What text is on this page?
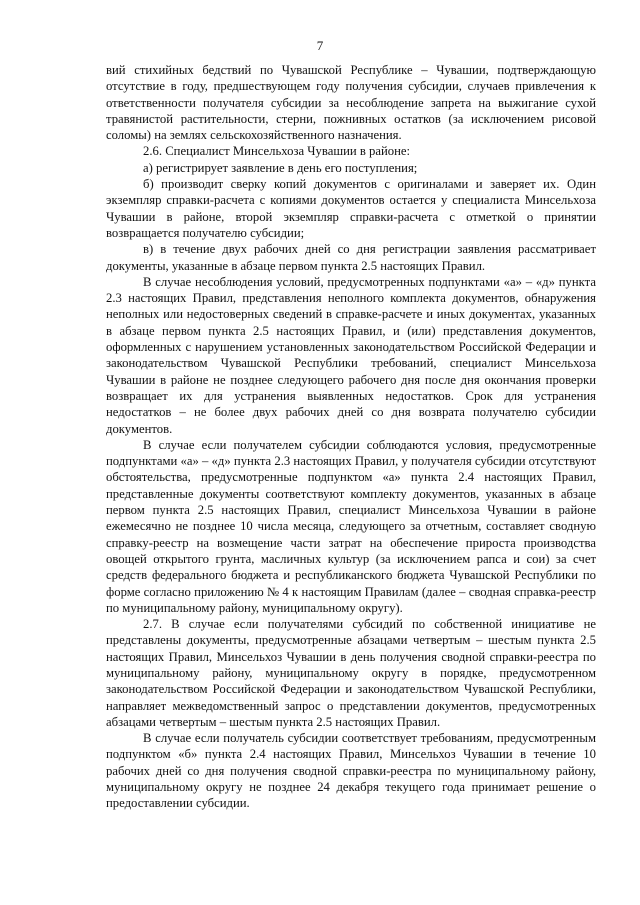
7

вий стихийных бедствий по Чувашской Республике – Чувашии, подтверждающую отсутствие в году, предшествующем году получения субсидии, случаев привлечения к ответственности получателя субсидии за несоблюдение запрета на выжигание сухой травянистой растительности, стерни, пожнивных остатков (за исключением рисовой соломы) на землях сельскохозяйственного назначения.

2.6. Специалист Минсельхоза Чувашии в районе:

а) регистрирует заявление в день его поступления;

б) производит сверку копий документов с оригиналами и заверяет их. Один экземпляр справки-расчета с копиями документов остается у специалиста Минсельхоза Чувашии в районе, второй экземпляр справки-расчета с отметкой о принятии возвращается получателю субсидии;

в) в течение двух рабочих дней со дня регистрации заявления рассматривает документы, указанные в абзаце первом пункта 2.5 настоящих Правил.

В случае несоблюдения условий, предусмотренных подпунктами «а» – «д» пункта 2.3 настоящих Правил, представления неполного комплекта документов, обнаружения неполных или недостоверных сведений в справке-расчете и иных документах, указанных в абзаце первом пункта 2.5 настоящих Правил, и (или) представления документов, оформленных с нарушением установленных законодательством Российской Федерации и законодательством Чувашской Республики требований, специалист Минсельхоза Чувашии в районе не позднее следующего рабочего дня после дня окончания проверки возвращает их для устранения выявленных недостатков. Срок для устранения недостатков – не более двух рабочих дней со дня возврата получателю субсидии документов.

В случае если получателем субсидии соблюдаются условия, предусмотренные подпунктами «а» – «д» пункта 2.3 настоящих Правил, у получателя субсидии отсутствуют обстоятельства, предусмотренные подпунктом «а» пункта 2.4 настоящих Правил, представленные документы соответствуют комплекту документов, указанных в абзаце первом пункта 2.5 настоящих Правил, специалист Минсельхоза Чувашии в районе ежемесячно не позднее 10 числа месяца, следующего за отчетным, составляет сводную справку-реестр на возмещение части затрат на обеспечение прироста производства овощей открытого грунта, масличных культур (за исключением рапса и сои) за счет средств федерального бюджета и республиканского бюджета Чувашской Республики по форме согласно приложению № 4 к настоящим Правилам (далее – сводная справка-реестр по муниципальному району, муниципальному округу).

2.7. В случае если получателями субсидий по собственной инициативе не представлены документы, предусмотренные абзацами четвертым – шестым пункта 2.5 настоящих Правил, Минсельхоз Чувашии в день получения сводной справки-реестра по муниципальному району, муниципальному округу в порядке, предусмотренном законодательством Российской Федерации и законодательством Чувашской Республики, направляет межведомственный запрос о представлении документов, предусмотренных абзацами четвертым – шестым пункта 2.5 настоящих Правил.

В случае если получатель субсидии соответствует требованиям, предусмотренным подпунктом «б» пункта 2.4 настоящих Правил, Минсельхоз Чувашии в течение 10 рабочих дней со дня получения сводной справки-реестра по муниципальному району, муниципальному округу не позднее 24 декабря текущего года принимает решение о предоставлении субсидии.
